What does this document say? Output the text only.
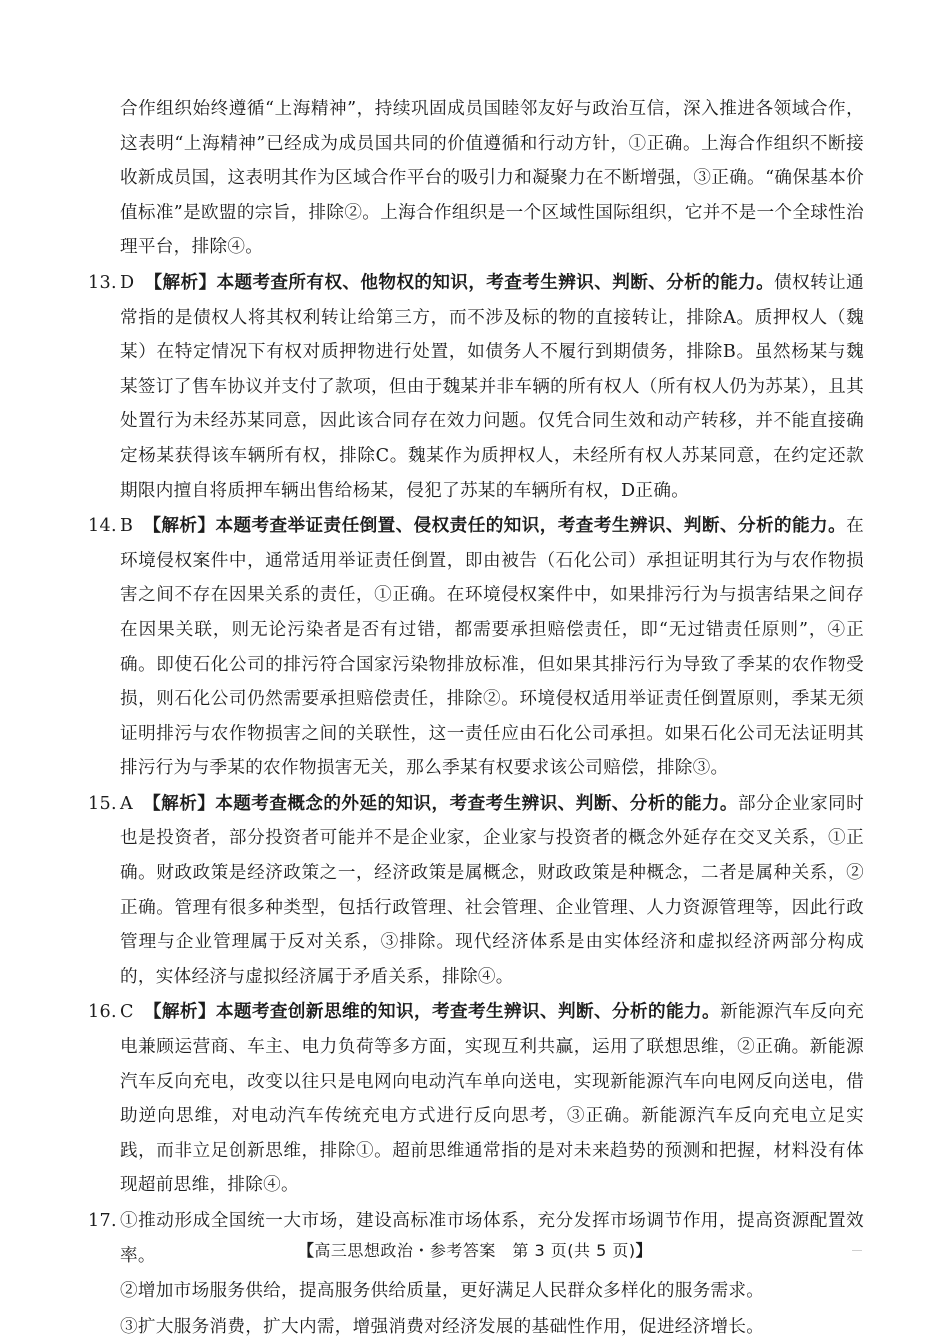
合作组织始终遵循“上海精神”，持续巩固成员国睦邻友好与政治互信，深入推进各领域合作，这表明“上海精神”已经成为成员国共同的价值遵循和行动方针，①正确。上海合作组织不断接收新成员国，这表明其作为区域合作平台的吸引力和凝聚力在不断增强，③正确。“确保基本价值标准”是欧盟的宗旨，排除②。上海合作组织是一个区域性国际组织，它并不是一个全球性治理平台，排除④。

13. D 【解析】本题考查所有权、他物权的知识，考查考生辨识、判断、分析的能力。债权转让通常指的是债权人将其权利转让给第三方，而不涉及标的物的直接转让，排除A。质押权人（魏某）在特定情况下有权对质押物进行处置，如债务人不履行到期债务，排除B。虽然杨某与魏某签订了售车协议并支付了款项，但由于魏某并非车辆的所有权人（所有权人仍为苏某），且其处置行为未经苏某同意，因此该合同存在效力问题。仅凭合同生效和动产转移，并不能直接确定杨某获得该车辆所有权，排除C。魏某作为质押权人，未经所有权人苏某同意，在约定还款期限内擅自将质押车辆出售给杨某，侵犯了苏某的车辆所有权，D正确。
14. B 【解析】本题考查举证责任倒置、侵权责任的知识，考查考生辨识、判断、分析的能力。在环境侵权案件中，通常适用举证责任倒置，即由被告（石化公司）承担证明其行为与农作物损害之间不存在因果关系的责任，①正确。在环境侵权案件中，如果排污行为与损害结果之间存在因果关联，则无论污染者是否有过错，都需要承担赔偿责任，即“无过错责任原则”，④正确。即使石化公司的排污符合国家污染物排放标准，但如果其排污行为导致了季某的农作物受损，则石化公司仍然需要承担赔偿责任，排除②。环境侵权适用举证责任倒置原则，季某无须证明排污与农作物损害之间的关联性，这一责任应由石化公司承担。如果石化公司无法证明其排污行为与季某的农作物损害无关，那么季某有权要求该公司赔偿，排除③。
15. A 【解析】本题考查概念的外延的知识，考查考生辨识、判断、分析的能力。部分企业家同时也是投资者，部分投资者可能并不是企业家，企业家与投资者的概念外延存在交叉关系，①正确。财政政策是经济政策之一，经济政策是属概念，财政政策是种概念，二者是属种关系，②正确。管理有很多种类型，包括行政管理、社会管理、企业管理、人力资源管理等，因此行政管理与企业管理属于反对关系，③排除。现代经济体系是由实体经济和虚拟经济两部分构成的，实体经济与虚拟经济属于矛盾关系，排除④。
16. C 【解析】本题考查创新思维的知识，考查考生辨识、判断、分析的能力。新能源汽车反向充电兼顾运营商、车主、电力负荷等多方面，实现互利共赢，运用了联想思维，②正确。新能源汽车反向充电，改变以往只是电网向电动汽车单向送电，实现新能源汽车向电网反向送电，借助逆向思维，对电动汽车传统充电方式进行反向思考，③正确。新能源汽车反向充电立足实践，而非立足创新思维，排除①。超前思维通常指的是对未来趋势的预测和把握，材料没有体现超前思维，排除④。
17. ①推动形成全国统一大市场，建设高标准市场体系，充分发挥市场调节作用，提高资源配置效率。

②增加市场服务供给，提高服务供给质量，更好满足人民群众多样化的服务需求。

③扩大服务消费，扩大内需，增强消费对经济发展的基础性作用，促进经济增长。

【高三思想政治・参考答案　第 3 页(共 5 页)】
